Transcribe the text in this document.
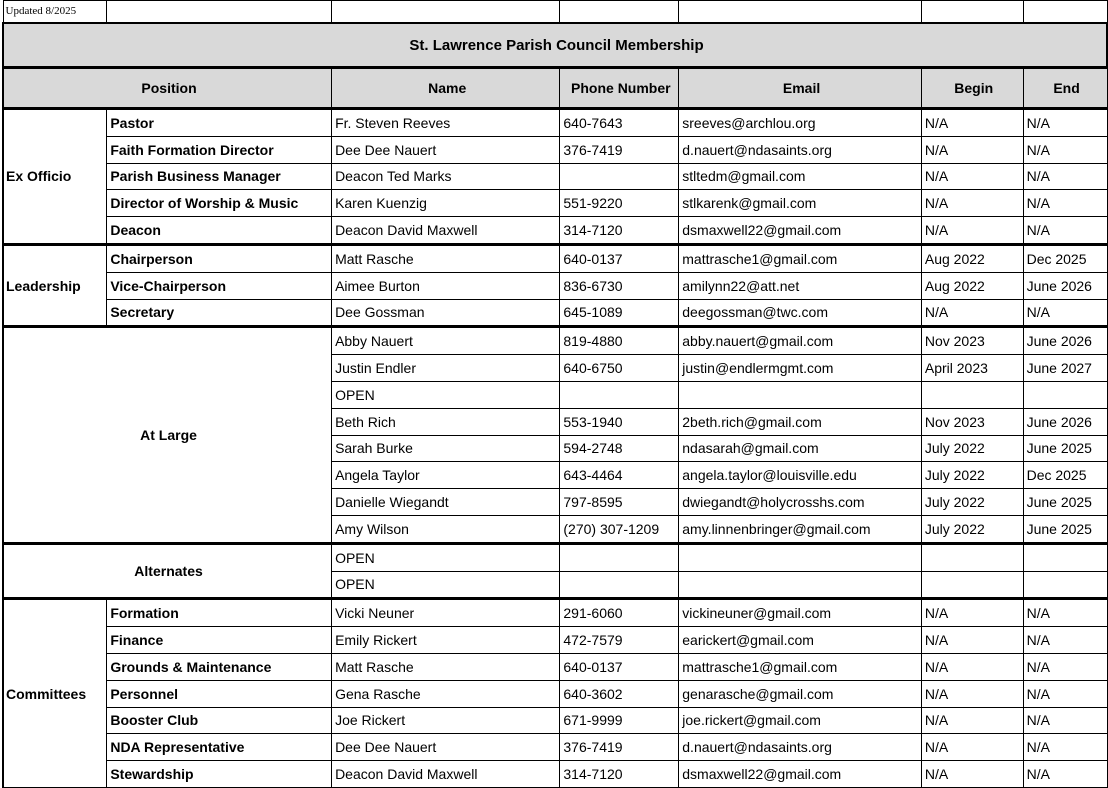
Updated 8/2025						
St. Lawrence Parish Council Membership						
Position		Name	Phone Number	Email	Begin	End
Ex Officio	Pastor	Fr. Steven Reeves	640-7643	sreeves@archlou.org	N/A	N/A
	Faith Formation Director	Dee Dee Nauert	376-7419	d.nauert@ndasaints.org	N/A	N/A
	Parish Business Manager	Deacon Ted Marks		stltedm@gmail.com	N/A	N/A
	Director of Worship & Music	Karen Kuenzig	551-9220	stlkarenk@gmail.com	N/A	N/A
	Deacon	Deacon David Maxwell	314-7120	dsmaxwell22@gmail.com	N/A	N/A
Leadership	Chairperson	Matt Rasche	640-0137	mattrasche1@gmail.com	Aug 2022	Dec 2025
	Vice-Chairperson	Aimee Burton	836-6730	amilynn22@att.net	Aug 2022	June 2026
	Secretary	Dee Gossman	645-1089	deegossman@twc.com	N/A	N/A
At Large		Abby Nauert	819-4880	abby.nauert@gmail.com	Nov 2023	June 2026
		Justin Endler	640-6750	justin@endlermgmt.com	April 2023	June 2027
		OPEN				
		Beth Rich	553-1940	2beth.rich@gmail.com	Nov 2023	June 2026
		Sarah Burke	594-2748	ndasarah@gmail.com	July 2022	June 2025
		Angela Taylor	643-4464	angela.taylor@louisville.edu	July 2022	Dec 2025
		Danielle Wiegandt	797-8595	dwiegandt@holycrosshs.com	July 2022	June 2025
		Amy Wilson	(270) 307-1209	amy.linnenbringer@gmail.com	July 2022	June 2025
Alternates		OPEN				
		OPEN				
Committees	Formation	Vicki Neuner	291-6060	vickineuner@gmail.com	N/A	N/A
	Finance	Emily Rickert	472-7579	earickert@gmail.com	N/A	N/A
	Grounds & Maintenance	Matt Rasche	640-0137	mattrasche1@gmail.com	N/A	N/A
	Personnel	Gena Rasche	640-3602	genarasche@gmail.com	N/A	N/A
	Booster Club	Joe Rickert	671-9999	joe.rickert@gmail.com	N/A	N/A
	NDA Representative	Dee Dee Nauert	376-7419	d.nauert@ndasaints.org	N/A	N/A
	Stewardship	Deacon David Maxwell	314-7120	dsmaxwell22@gmail.com	N/A	N/A
